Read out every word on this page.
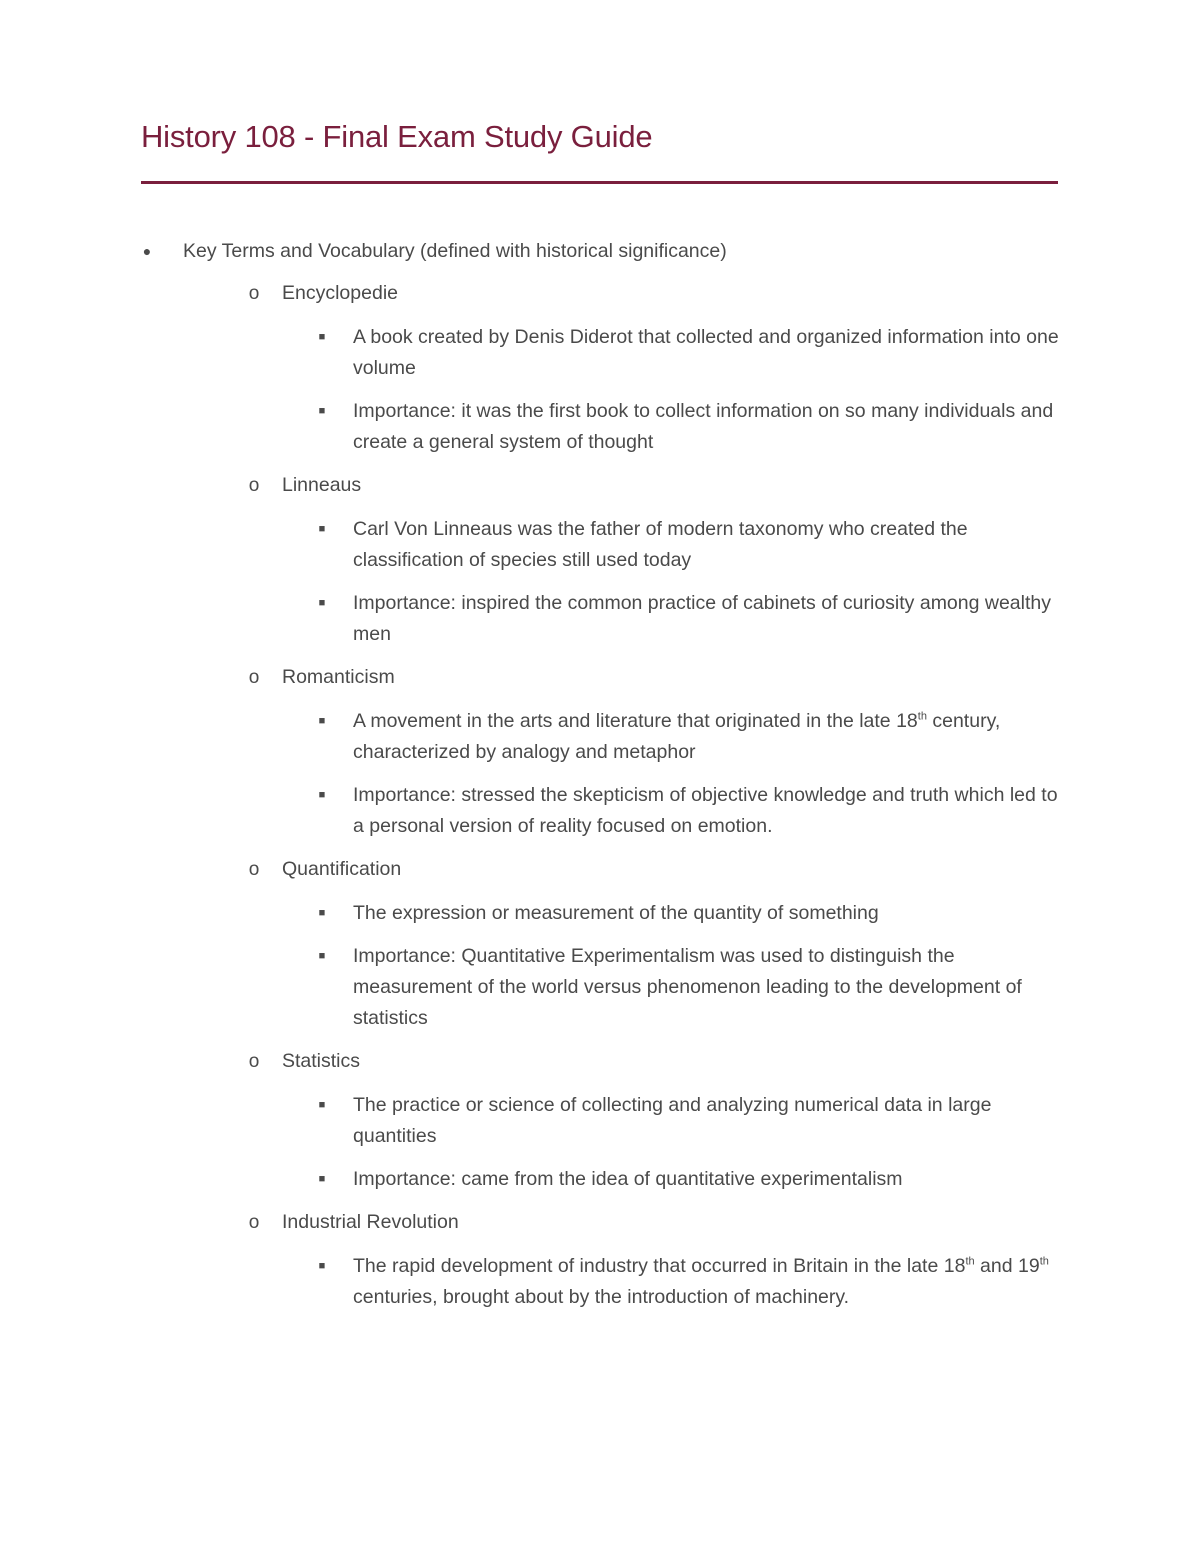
History 108 - Final Exam Study Guide
● Key Terms and Vocabulary (defined with historical significance)
o Encyclopedie
■ A book created by Denis Diderot that collected and organized information into one volume
■ Importance: it was the first book to collect information on so many individuals and create a general system of thought
o Linneaus
■ Carl Von Linneaus was the father of modern taxonomy who created the classification of species still used today
■ Importance: inspired the common practice of cabinets of curiosity among wealthy men
o Romanticism
■ A movement in the arts and literature that originated in the late 18th century, characterized by analogy and metaphor
■ Importance: stressed the skepticism of objective knowledge and truth which led to a personal version of reality focused on emotion.
o Quantification
■ The expression or measurement of the quantity of something
■ Importance: Quantitative Experimentalism was used to distinguish the measurement of the world versus phenomenon leading to the development of statistics
o Statistics
■ The practice or science of collecting and analyzing numerical data in large quantities
■ Importance: came from the idea of quantitative experimentalism
o Industrial Revolution
■ The rapid development of industry that occurred in Britain in the late 18th and 19th centuries, brought about by the introduction of machinery.
